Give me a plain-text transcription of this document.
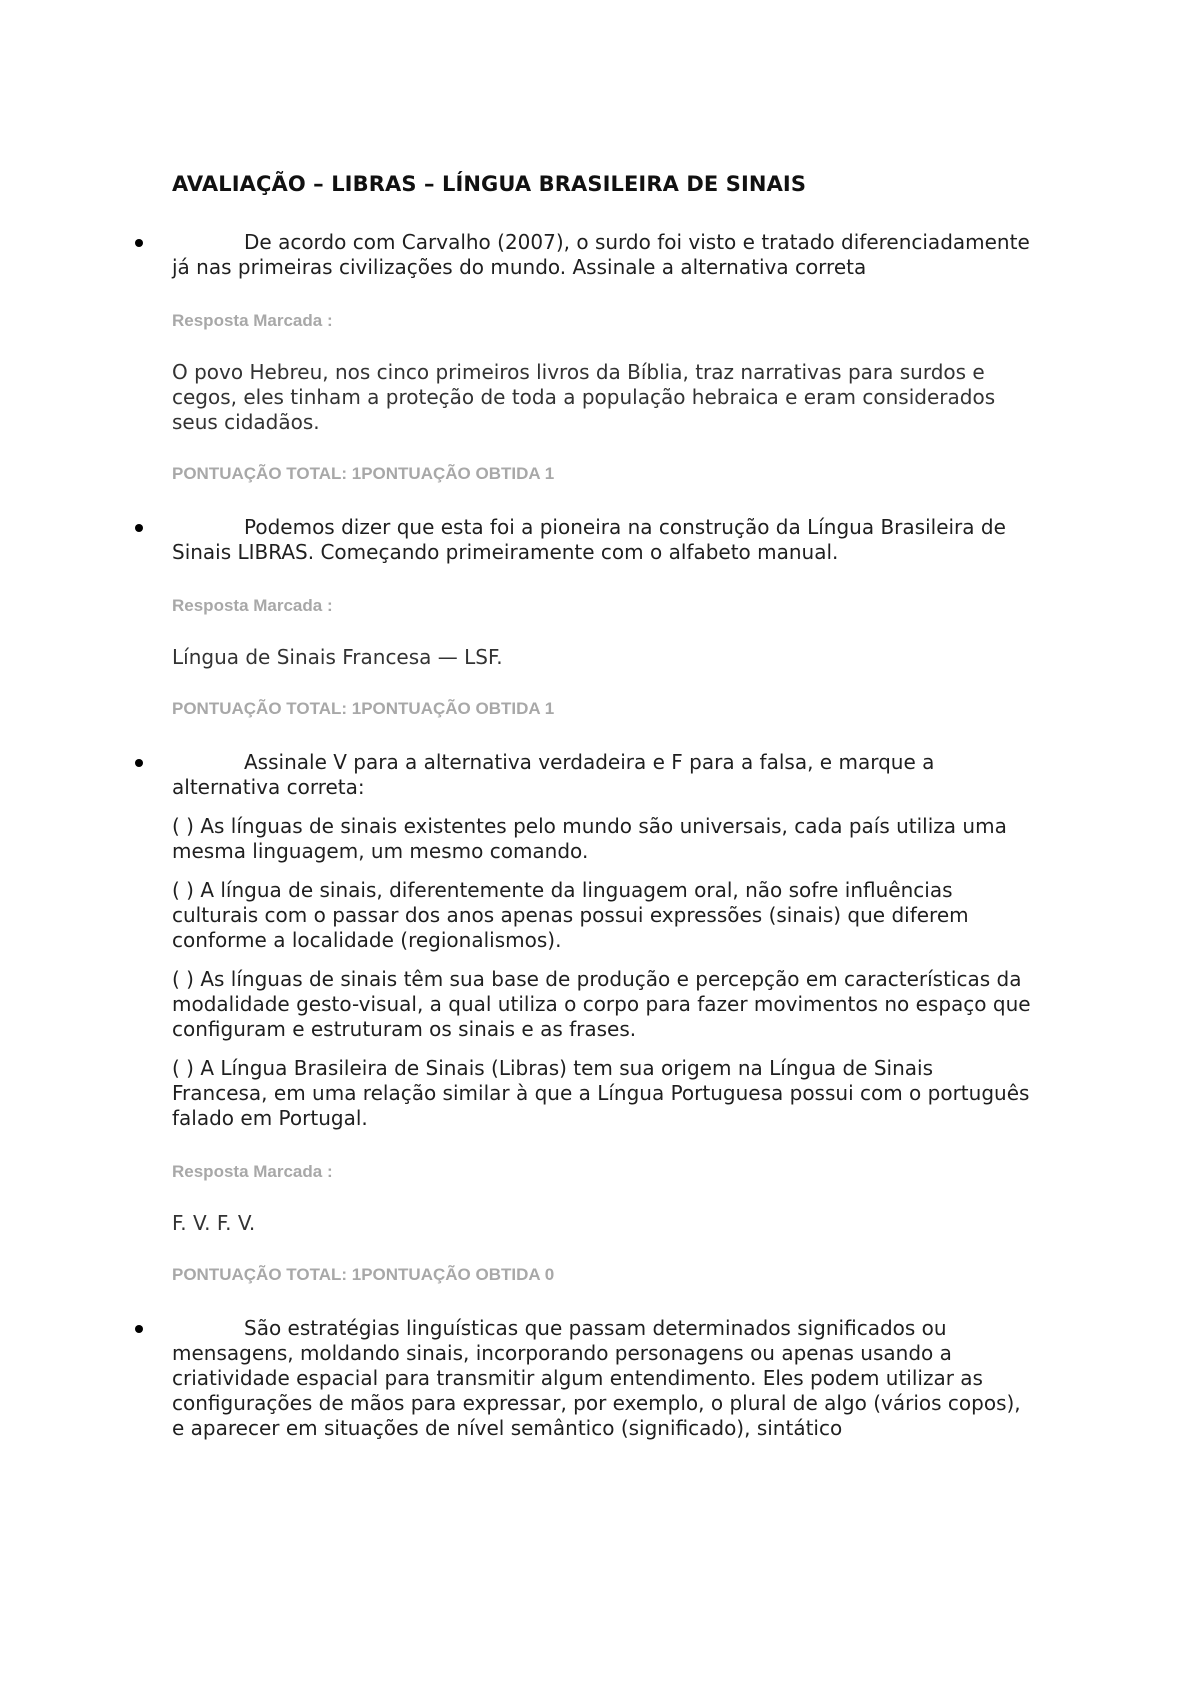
AVALIAÇÃO – LIBRAS – LÍNGUA BRASILEIRA DE SINAIS

De acordo com Carvalho (2007), o surdo foi visto e tratado diferenciadamente já nas primeiras civilizações do mundo. Assinale a alternativa correta

Resposta Marcada :

O povo Hebreu, nos cinco primeiros livros da Bíblia, traz narrativas para surdos e cegos, eles tinham a proteção de toda a população hebraica e eram considerados seus cidadãos.

PONTUAÇÃO TOTAL: 1PONTUAÇÃO OBTIDA 1

Podemos dizer que esta foi a pioneira na construção da Língua Brasileira de Sinais LIBRAS. Começando primeiramente com o alfabeto manual.

Resposta Marcada :

Língua de Sinais Francesa — LSF.

PONTUAÇÃO TOTAL: 1PONTUAÇÃO OBTIDA 1

Assinale V para a alternativa verdadeira e F para a falsa, e marque a alternativa correta:

( ) As línguas de sinais existentes pelo mundo são universais, cada país utiliza uma mesma linguagem, um mesmo comando.

( ) A língua de sinais, diferentemente da linguagem oral, não sofre influências culturais com o passar dos anos apenas possui expressões (sinais) que diferem conforme a localidade (regionalismos).

( ) As línguas de sinais têm sua base de produção e percepção em características da modalidade gesto-visual, a qual utiliza o corpo para fazer movimentos no espaço que configuram e estruturam os sinais e as frases.

( ) A Língua Brasileira de Sinais (Libras) tem sua origem na Língua de Sinais Francesa, em uma relação similar à que a Língua Portuguesa possui com o português falado em Portugal.

Resposta Marcada :

F. V. F. V.

PONTUAÇÃO TOTAL: 1PONTUAÇÃO OBTIDA 0

São estratégias linguísticas que passam determinados significados ou mensagens, moldando sinais, incorporando personagens ou apenas usando a criatividade espacial para transmitir algum entendimento. Eles podem utilizar as configurações de mãos para expressar, por exemplo, o plural de algo (vários copos), e aparecer em situações de nível semântico (significado), sintático
